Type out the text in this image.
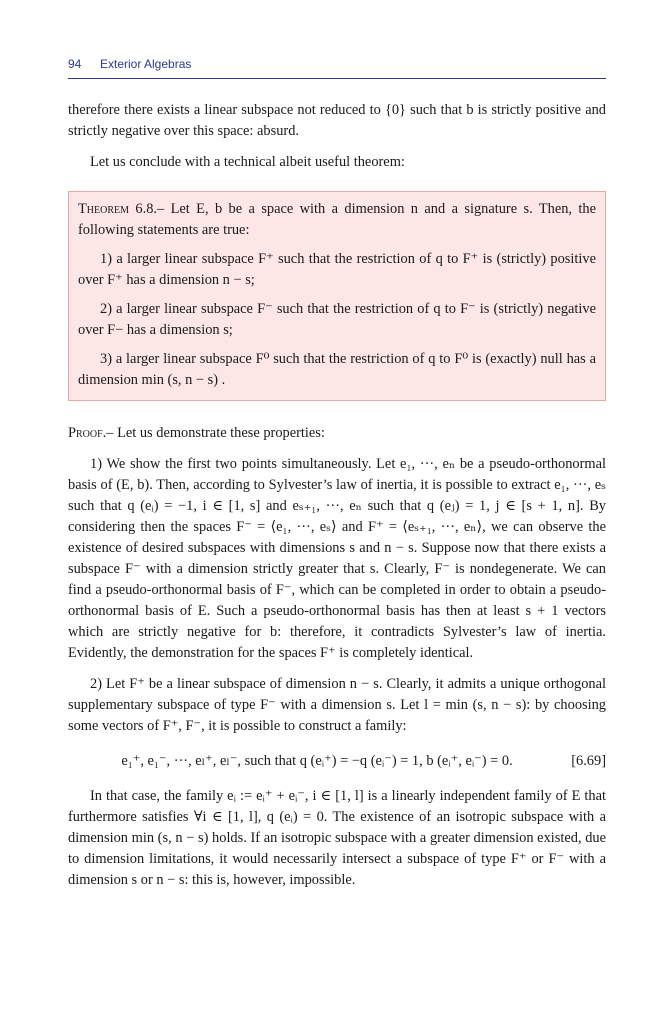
94 Exterior Algebras

therefore there exists a linear subspace not reduced to {0} such that b is strictly positive and strictly negative over this space: absurd.

Let us conclude with a technical albeit useful theorem:

Theorem 6.8.– Let E, b be a space with a dimension n and a signature s. Then, the following statements are true:

1) a larger linear subspace F⁺ such that the restriction of q to F⁺ is (strictly) positive over F⁺ has a dimension n − s;

2) a larger linear subspace F⁻ such that the restriction of q to F⁻ is (strictly) negative over F− has a dimension s;

3) a larger linear subspace F⁰ such that the restriction of q to F⁰ is (exactly) null has a dimension min (s, n − s) .

Proof.– Let us demonstrate these properties:

1) We show the first two points simultaneously. Let e₁, ···, eₙ be a pseudo-orthonormal basis of (E, b). Then, according to Sylvester’s law of inertia, it is possible to extract e₁, ···, eₛ such that q (eᵢ) = −1, i ∈ [1, s] and eₛ₊₁, ···, eₙ such that q (eⱼ) = 1, j ∈ [s + 1, n]. By considering then the spaces F⁻ = ⟨e₁, ···, eₛ⟩ and F⁺ = ⟨eₛ₊₁, ···, eₙ⟩, we can observe the existence of desired subspaces with dimensions s and n − s. Suppose now that there exists a subspace F⁻ with a dimension strictly greater that s. Clearly, F⁻ is nondegenerate. We can find a pseudo-orthonormal basis of F⁻, which can be completed in order to obtain a pseudo-orthonormal basis of E. Such a pseudo-orthonormal basis has then at least s + 1 vectors which are strictly negative for b: therefore, it contradicts Sylvester’s law of inertia. Evidently, the demonstration for the spaces F⁺ is completely identical.

2) Let F⁺ be a linear subspace of dimension n − s. Clearly, it admits a unique orthogonal supplementary subspace of type F⁻ with a dimension s. Let l = min (s, n − s): by choosing some vectors of F⁺, F⁻, it is possible to construct a family:

e₁⁺, e₁⁻, ···, eₗ⁺, eₗ⁻, such that q (eᵢ⁺) = −q (eᵢ⁻) = 1, b (eᵢ⁺, eᵢ⁻) = 0.	[6.69]

In that case, the family eᵢ := eᵢ⁺ + eᵢ⁻, i ∈ [1, l] is a linearly independent family of E that furthermore satisfies ∀i ∈ [1, l], q (eᵢ) = 0. The existence of an isotropic subspace with a dimension min (s, n − s) holds. If an isotropic subspace with a greater dimension existed, due to dimension limitations, it would necessarily intersect a subspace of type F⁺ or F⁻ with a dimension s or n − s: this is, however, impossible.
